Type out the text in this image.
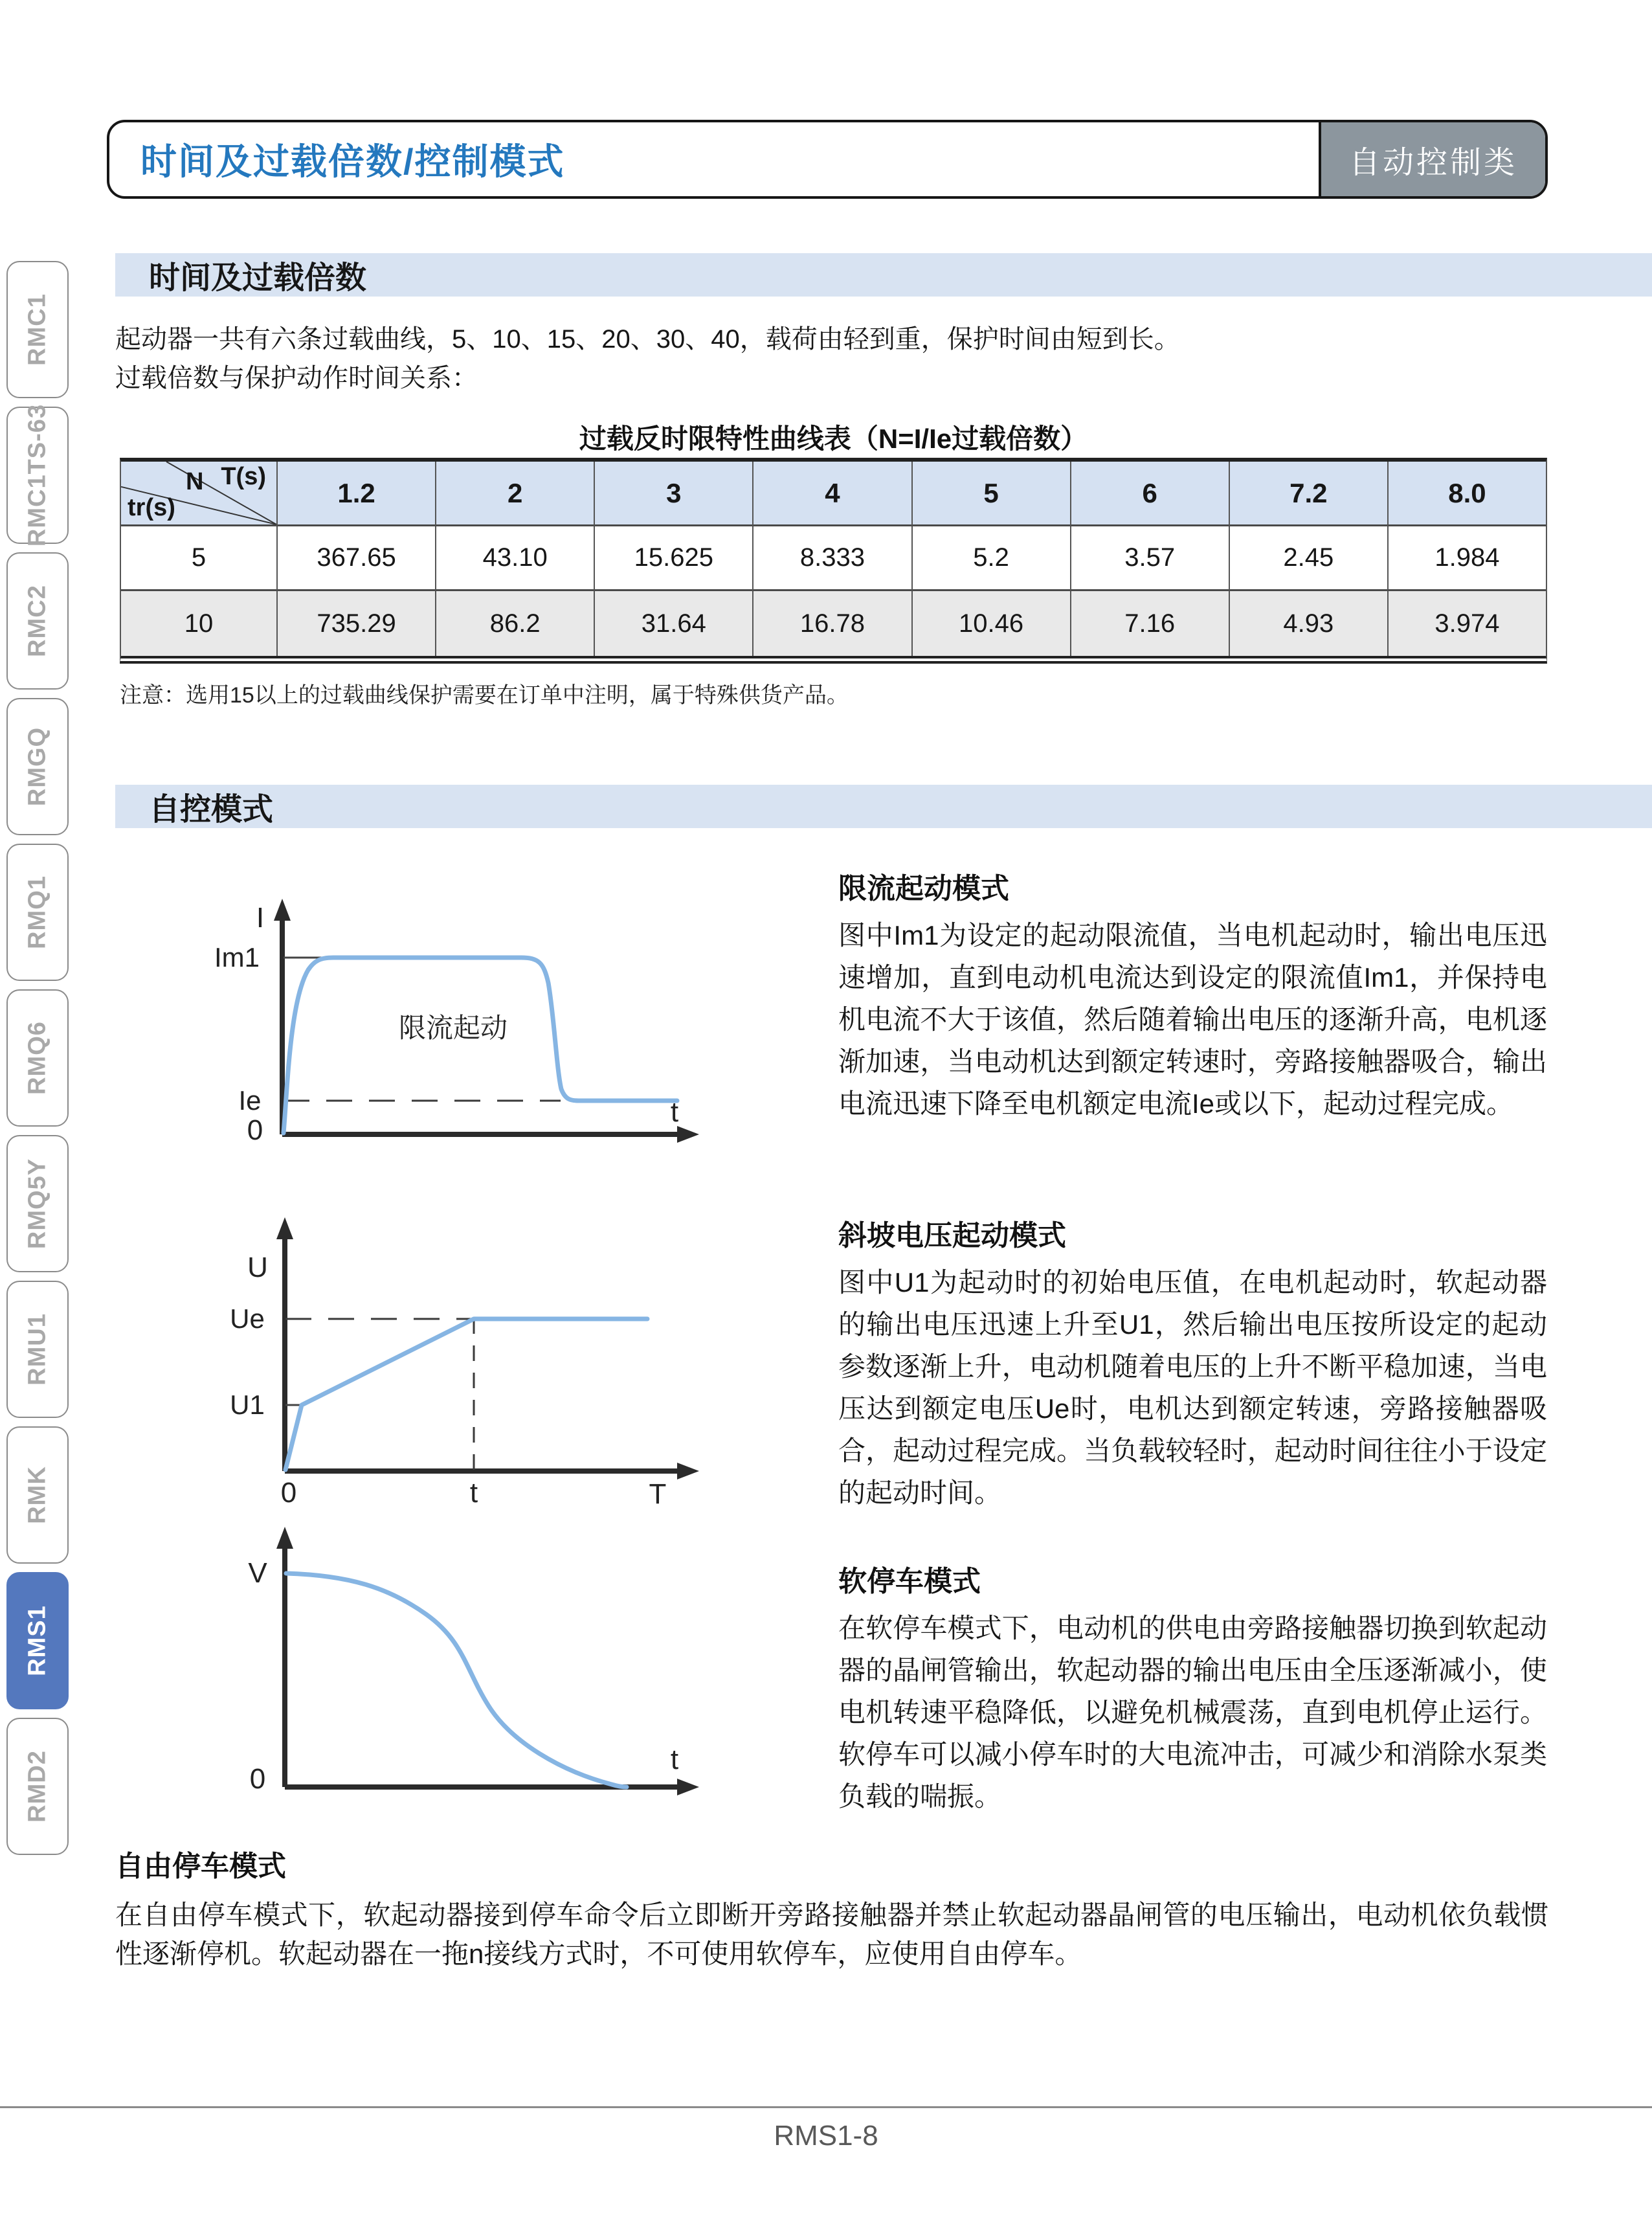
时间及过载倍数/控制模式	自动控制类
RMC1
RMC1TS-63
RMC2
RMGQ
RMQ1
RMQ6
RMQ5Y
RMU1
RMK
RMS1
RMD2
时间及过载倍数
起动器一共有六条过载曲线，5、10、15、20、30、40，载荷由轻到重，保护时间由短到长。
过载倍数与保护动作时间关系：
过载反时限特性曲线表（N=I/Ie过载倍数）
T(s)
N
tr(s)	1.2	2	3	4	5	6	7.2	8.0
5	367.65	43.10	15.625	8.333	5.2	3.57	2.45	1.984
10	735.29	86.2	31.64	16.78	10.46	7.16	4.93	3.974
注意：选用15以上的过载曲线保护需要在订单中注明，属于特殊供货产品。
自控模式
I
Im1
Ie
0
t
限流起动
U
Ue
U1
0	t	T
V
0
t
限流起动模式

图中Im1为设定的起动限流值，当电机起动时，输出电压迅速增加，直到电动机电流达到设定的限流值Im1，并保持电机电流不大于该值，然后随着输出电压的逐渐升高，电机逐渐加速，当电动机达到额定转速时，旁路接触器吸合，输出电流迅速下降至电机额定电流Ie或以下，起动过程完成。

斜坡电压起动模式

图中U1为起动时的初始电压值，在电机起动时，软起动器的输出电压迅速上升至U1，然后输出电压按所设定的起动参数逐渐上升，电动机随着电压的上升不断平稳加速，当电压达到额定电压Ue时，电机达到额定转速，旁路接触器吸合，起动过程完成。当负载较轻时，起动时间往往小于设定的起动时间。

软停车模式

在软停车模式下，电动机的供电由旁路接触器切换到软起动器的晶闸管输出，软起动器的输出电压由全压逐渐减小，使电机转速平稳降低，以避免机械震荡，直到电机停止运行。软停车可以减小停车时的大电流冲击，可减少和消除水泵类负载的喘振。

自由停车模式

在自由停车模式下，软起动器接到停车命令后立即断开旁路接触器并禁止软起动器晶闸管的电压输出，电动机依负载惯性逐渐停机。软起动器在一拖n接线方式时，不可使用软停车，应使用自由停车。

RMS1-8
